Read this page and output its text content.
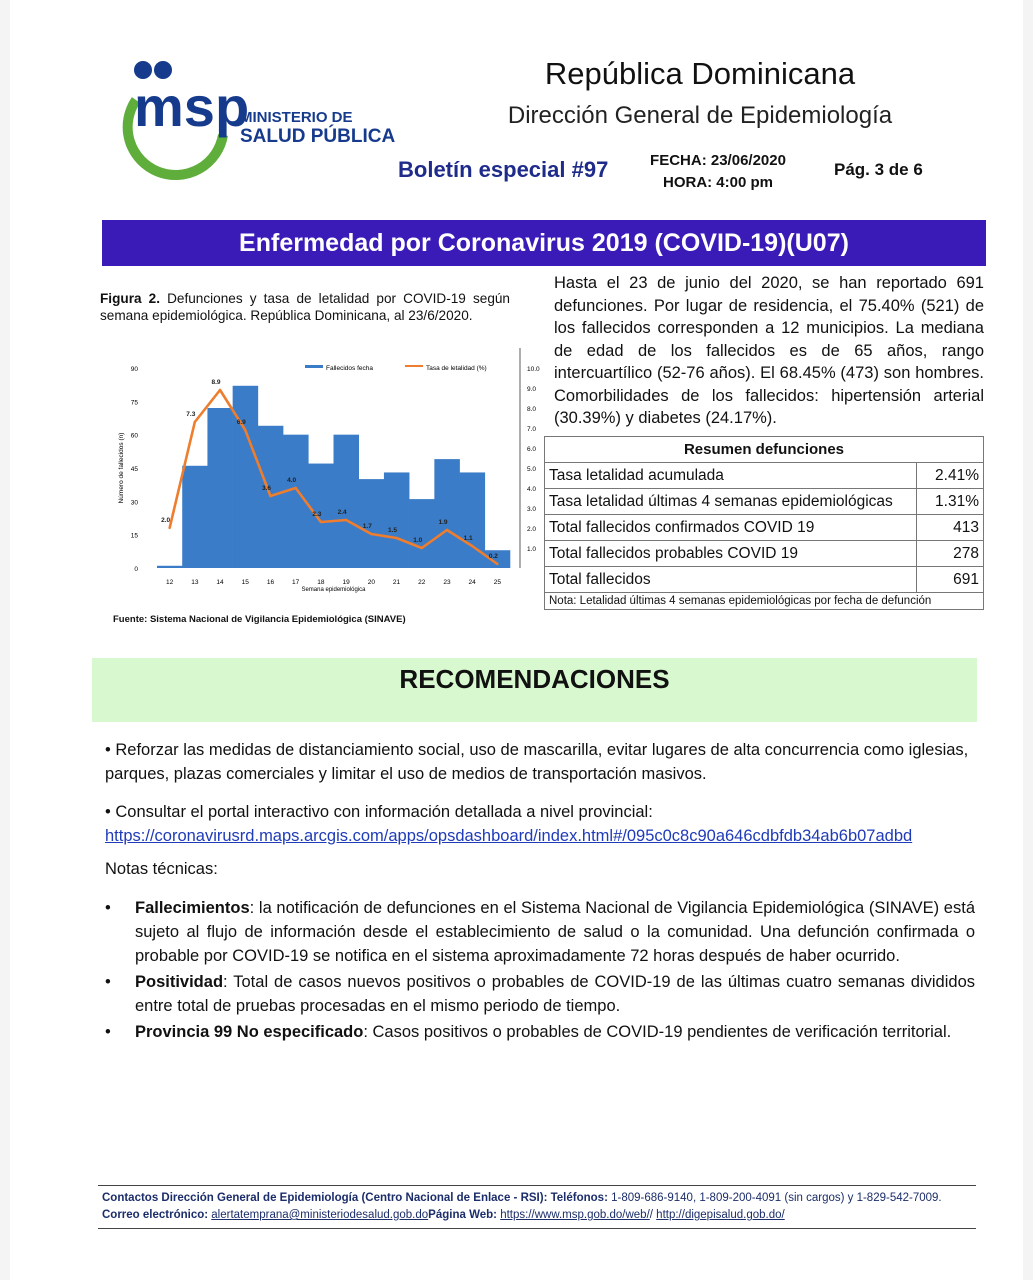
msp
MINISTERIO DE
SALUD PÚBLICA
República Dominicana
Dirección General de Epidemiología
Boletín especial #97	FECHA: 23/06/2020
HORA: 4:00 pm
Pág. 3 de 6
Enfermedad por Coronavirus 2019 (COVID-19)(U07)
Figura 2. Defunciones y tasa de letalidad por COVID-19 según semana epidemiológica. República Dominicana, al 23/6/2020.
Número de fallecidos (n)
0
15
30
45
60
75
90
1.0
2.0
3.0
4.0
5.0
6.0
7.0
8.0
9.0
10.0
12	13	14	15	16	17	18	19	20	21	22	23	24	25
Semana epidemiológica
2.0
7.3
8.9
6.9
3.6
4.0
2.3 2.4
1.7
1.5
1.0
1.9
1.1
0.2
Fallecidos fecha	Tasa de letalidad (%)
Fuente: Sistema Nacional de Vigilancia Epidemiológica (SINAVE)
Hasta el 23 de junio del 2020, se han reportado 691 defunciones. Por lugar de residencia, el 75.40% (521) de los fallecidos corresponden a 12 municipios. La mediana de edad de los fallecidos es de 65 años, rango intercuartílico (52-76 años). El 68.45% (473) son hombres. Comorbilidades de los fallecidos: hipertensión arterial (30.39%) y diabetes (24.17%).
Resumen defunciones	
Tasa letalidad acumulada	2.41%
Tasa letalidad últimas 4 semanas epidemiológicas	1.31%
Total fallecidos confirmados COVID 19	413
Total fallecidos probables COVID 19	278
Total fallecidos	691
Nota: Letalidad últimas 4 semanas epidemiológicas por fecha de defunción	
RECOMENDACIONES
• Reforzar las medidas de distanciamiento social, uso de mascarilla, evitar lugares de alta concurrencia como iglesias, parques, plazas comerciales y limitar el uso de medios de transportación masivos.
• Consultar el portal interactivo con información detallada a nivel provincial:
https://coronavirusrd.maps.arcgis.com/apps/opsdashboard/index.html#/095c0c8c90a646cdbfdb34ab6b07adbd
Notas técnicas:
• Fallecimientos: la notificación de defunciones en el Sistema Nacional de Vigilancia Epidemiológica (SINAVE) está sujeto al flujo de información desde el establecimiento de salud o la comunidad. Una defunción confirmada o probable por COVID-19 se notifica en el sistema aproximadamente 72 horas después de haber ocurrido.
• Positividad: Total de casos nuevos positivos o probables de COVID-19 de las últimas cuatro semanas divididos entre total de pruebas procesadas en el mismo periodo de tiempo.
• Provincia 99 No especificado: Casos positivos o probables de COVID-19 pendientes de verificación territorial.
Contactos Dirección General de Epidemiología (Centro Nacional de Enlace - RSI): Teléfonos: 1-809-686-9140, 1-809-200-4091 (sin cargos) y 1-829-542-7009. Correo electrónico: alertatemprana@ministeriodesalud.gob.doPágina Web: https://www.msp.gob.do/web// http://digepisalud.gob.do/
